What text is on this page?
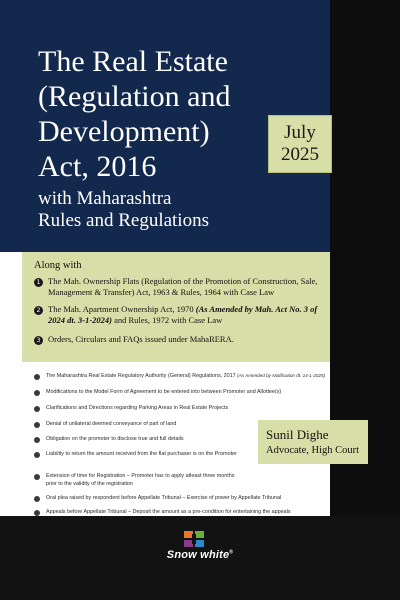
The Real Estate
(Regulation and
Development)
Act, 2016
with Maharashtra
Rules and Regulations
July
2025
Along with
1 The Mah. Ownership Flats (Regulation of the Promotion of Construction, Sale, Management & Transfer) Act, 1963 & Rules, 1964 with Case Law
2 The Mah. Apartment Ownership Act, 1970 (As Amended by Mah. Act No. 3 of 2024 dt. 3-1-2024) and Rules, 1972 with Case Law
3 Orders, Circulars and FAQs issued under MahaRERA.
The Maharashtra Real Estate Regulatory Authority (General) Regulations, 2017 (As Amended by Notification dt. 14-1-2025)
Modifications to the Model Form of Agreement to be entered into between Promoter and Allottee(s)
Clarifications and Directions regarding Parking Areas in Real Estate Projects
Denial of unilateral deemed conveyance of part of land
Obligation on the promoter to disclose true and full details
Liability to return the amount received from the flat purchaser is on the Promoter
Extension of time for Registration – Promoter has to apply atleast three months prior to the validity of the registration
Oral plea raised by respondent before Appellate Tribunal – Exercise of power by Appellate Tribunal
Appeals before Appellate Tribunal – Deposit the amount as a pre-condition for entertaining the appeals
Sunil Dighe
Advocate, High Court
Snow white®
